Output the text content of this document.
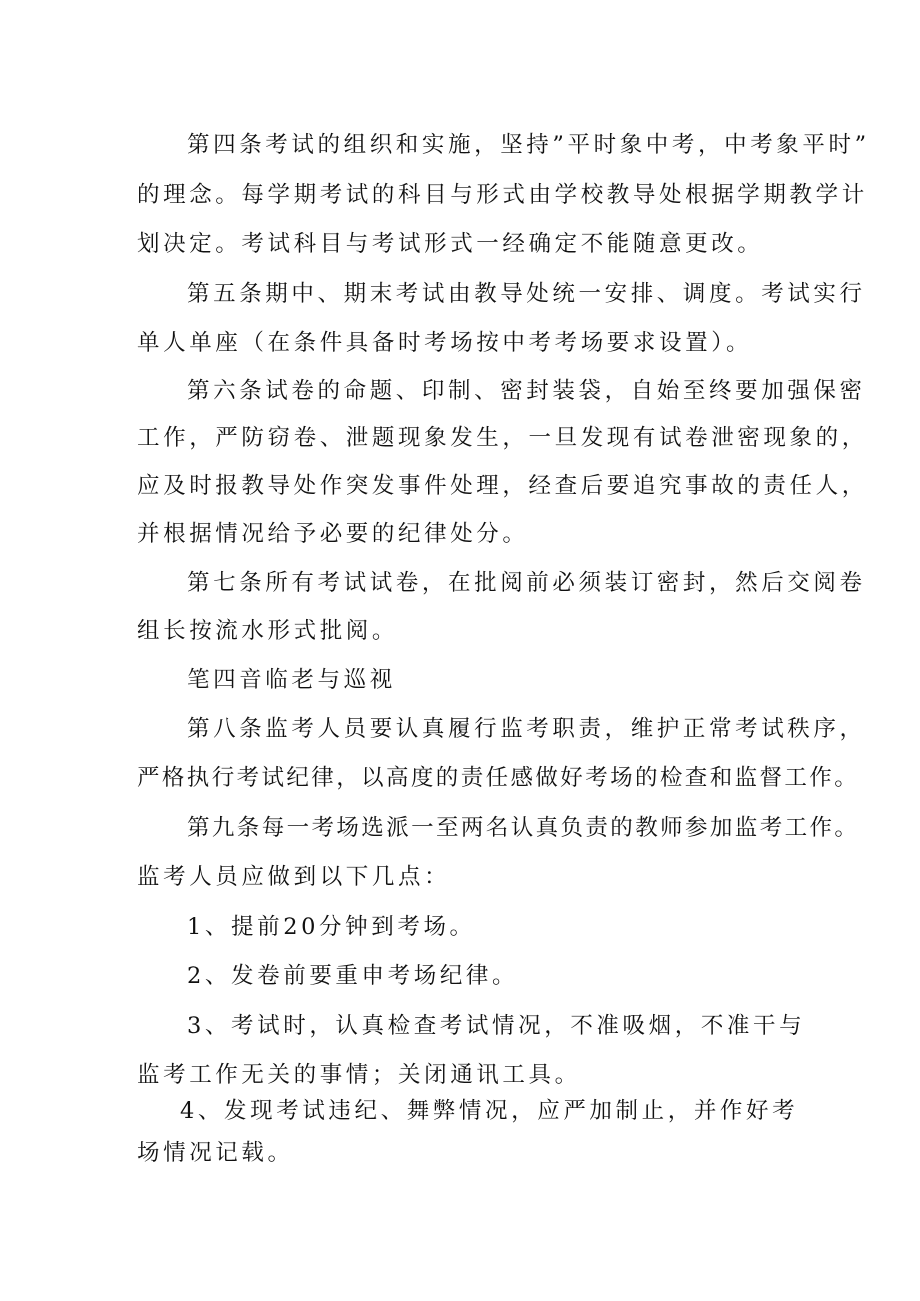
第四条考试的组织和实施，坚持”平时象中考，中考象平时”
的理念。每学期考试的科目与形式由学校教导处根据学期教学计
划决定。考试科目与考试形式一经确定不能随意更改。
第五条期中、期末考试由教导处统一安排、调度。考试实行
单人单座（在条件具备时考场按中考考场要求设置）。
第六条试卷的命题、印制、密封装袋，自始至终要加强保密
工作，严防窃卷、泄题现象发生，一旦发现有试卷泄密现象的，
应及时报教导处作突发事件处理，经查后要追究事故的责任人，
并根据情况给予必要的纪律处分。
第七条所有考试试卷，在批阅前必须装订密封，然后交阅卷
组长按流水形式批阅。
笔四音临老与巡视
第八条监考人员要认真履行监考职责，维护正常考试秩序，
严格执行考试纪律，以高度的责任感做好考场的检查和监督工作。
第九条每一考场选派一至两名认真负责的教师参加监考工作。
监考人员应做到以下几点：
1、提前20分钟到考场。
2、发卷前要重申考场纪律。
3、考试时，认真检查考试情况，不准吸烟，不准干与
监考工作无关的事情；关闭通讯工具。
4、发现考试违纪、舞弊情况，应严加制止，并作好考
场情况记载。
